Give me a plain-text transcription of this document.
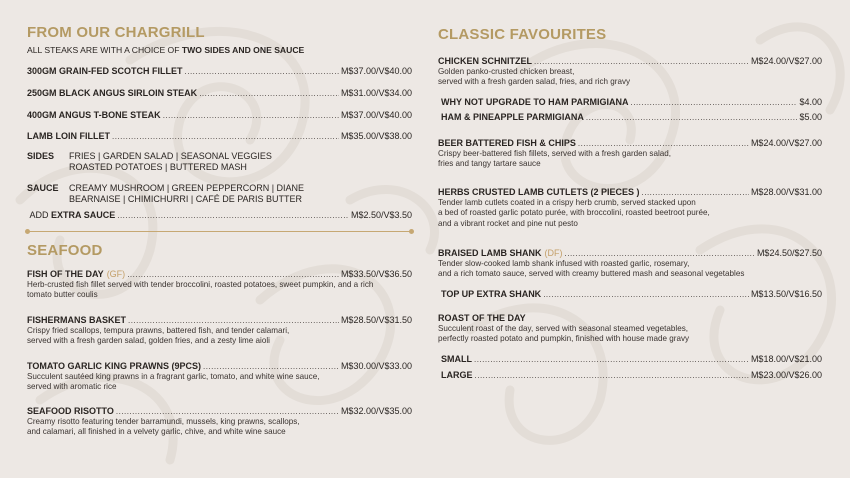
FROM OUR CHARGRILL
ALL STEAKS ARE WITH A CHOICE OF TWO SIDES AND ONE SAUCE
300GM GRAIN-FED SCOTCH FILLET .....	M$37.00/V$40.00
250GM BLACK ANGUS SIRLOIN STEAK .....	M$31.00/V$34.00
400GM ANGUS T-BONE STEAK .....	M$37.00/V$40.00
LAMB LOIN FILLET .....	M$35.00/V$38.00
SIDES	FRIES | GARDEN SALAD | SEASONAL VEGGIES
ROASTED POTATOES | BUTTERED MASH
SAUCE	CREAMY MUSHROOM | GREEN PEPPERCORN | DIANE
BEARNAISE | CHIMICHURRI | CAFÉ DE PARIS BUTTER
ADD EXTRA SAUCE .....	M$2.50/V$3.50
SEAFOOD
FISH OF THE DAY (GF) .....	M$33.50/V$36.50
Herb-crusted fish fillet served with tender broccolini, roasted potatoes, sweet pumpkin, and a rich
tomato butter coulis
FISHERMANS BASKET .....	M$28.50/V$31.50
Crispy fried scallops, tempura prawns, battered fish, and tender calamari,
served with a fresh garden salad, golden fries, and a zesty lime aioli
TOMATO GARLIC KING PRAWNS (9PCS) .....	M$30.00/V$33.00
Succulent sautéed king prawns in a fragrant garlic, tomato, and white wine sauce,
served with aromatic rice
SEAFOOD RISOTTO .....	M$32.00/V$35.00
Creamy risotto featuring tender barramundi, mussels, king prawns, scallops,
and calamari, all finished in a velvety garlic, chive, and white wine sauce
CLASSIC FAVOURITES
CHICKEN SCHNITZEL .....	M$24.00/V$27.00
Golden panko-crusted chicken breast,
served with a fresh garden salad, fries, and rich gravy
WHY NOT UPGRADE TO HAM PARMIGIANA .....	$4.00
HAM & PINEAPPLE PARMIGIANA .....	$5.00
BEER BATTERED FISH & CHIPS .....	M$24.00/V$27.00
Crispy beer-battered fish fillets, served with a fresh garden salad,
fries and tangy tartare sauce
HERBS CRUSTED LAMB CUTLETS (2 PIECES ) .....	M$28.00/V$31.00
Tender lamb cutlets coated in a crispy herb crumb, served stacked upon
a bed of roasted garlic potato purée, with broccolini, roasted beetroot purée,
and a vibrant rocket and pine nut pesto
BRAISED LAMB SHANK (DF) .....	M$24.50/$27.50
Tender slow-cooked lamb shank infused with roasted garlic, rosemary,
and a rich tomato sauce, served with creamy buttered mash and seasonal vegetables
TOP UP EXTRA SHANK .....	M$13.50/V$16.50
ROAST OF THE DAY
Succulent roast of the day, served with seasonal steamed vegetables,
perfectly roasted potato and pumpkin, finished with house made gravy
SMALL .....	M$18.00/V$21.00
LARGE .....	M$23.00/V$26.00
